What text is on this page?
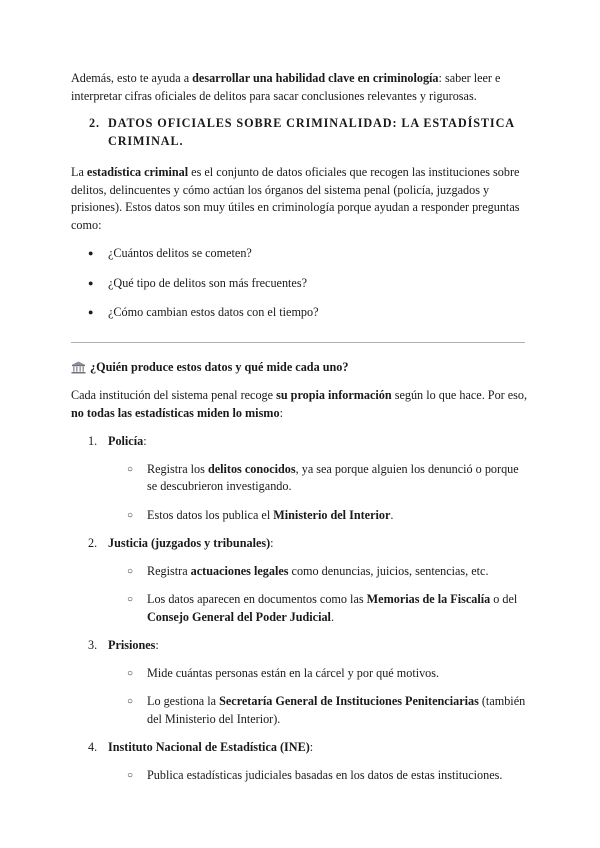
Además, esto te ayuda a desarrollar una habilidad clave en criminología: saber leer e interpretar cifras oficiales de delitos para sacar conclusiones relevantes y rigurosas.

2. DATOS OFICIALES SOBRE CRIMINALIDAD: LA ESTADÍSTICA
CRIMINAL.

La estadística criminal es el conjunto de datos oficiales que recogen las instituciones sobre delitos, delincuentes y cómo actúan los órganos del sistema penal (policía, juzgados y prisiones). Estos datos son muy útiles en criminología porque ayudan a responder preguntas como:

● ¿Cuántos delitos se cometen?
● ¿Qué tipo de delitos son más frecuentes?
● ¿Cómo cambian estos datos con el tiempo?
¿Quién produce estos datos y qué mide cada uno?

Cada institución del sistema penal recoge su propia información según lo que hace. Por eso, no todas las estadísticas miden lo mismo:

1. Policía:
○ Registra los delitos conocidos, ya sea porque alguien los denunció o porque se descubrieron investigando.
○ Estos datos los publica el Ministerio del Interior.
2. Justicia (juzgados y tribunales):
○ Registra actuaciones legales como denuncias, juicios, sentencias, etc.
○ Los datos aparecen en documentos como las Memorias de la Fiscalía o del Consejo General del Poder Judicial.
3. Prisiones:
○ Mide cuántas personas están en la cárcel y por qué motivos.
○ Lo gestiona la Secretaría General de Instituciones Penitenciarias (también del Ministerio del Interior).
4. Instituto Nacional de Estadística (INE):
○ Publica estadísticas judiciales basadas en los datos de estas instituciones.
